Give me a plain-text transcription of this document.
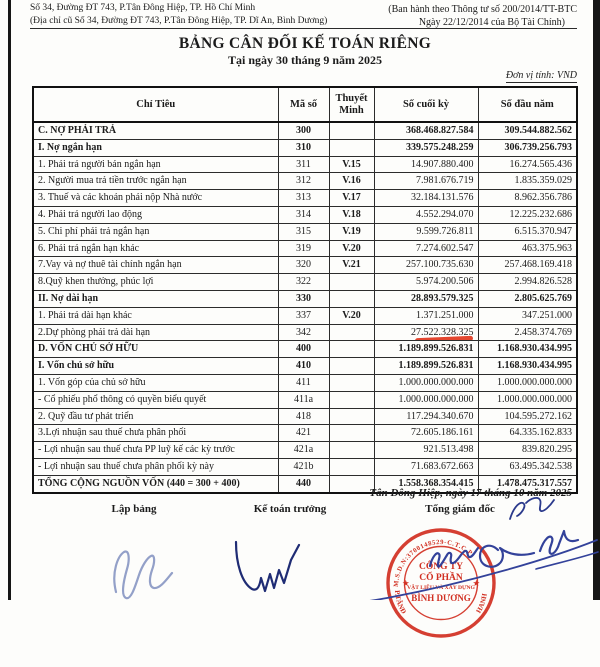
Số 34, Đường ĐT 743, P.Tân Đông Hiệp, TP. Hồ Chí Minh
(Địa chỉ cũ Số 34, Đường ĐT 743, P.Tân Đông Hiệp, TP. Dĩ An, Bình Dương)
(Ban hành theo Thông tư số 200/2014/TT-BTC
Ngày 22/12/2014 của Bộ Tài Chính)
BẢNG CÂN ĐỐI KẾ TOÁN RIÊNG
Tại ngày 30 tháng 9 năm 2025
Đơn vị tính: VND
Chỉ Tiêu	Mã số	Thuyết Minh	Số cuối kỳ	Số đầu năm
C. NỢ PHẢI TRẢ	300		368.468.827.584	309.544.882.562
I. Nợ ngắn hạn	310		339.575.248.259	306.739.256.793
1. Phải trả người bán ngắn hạn	311	V.15	14.907.880.400	16.274.565.436
2. Người mua trả tiền trước ngắn hạn	312	V.16	7.981.676.719	1.835.359.029
3. Thuế và các khoản phải nộp Nhà nước	313	V.17	32.184.131.576	8.962.356.786
4. Phải trả người lao động	314	V.18	4.552.294.070	12.225.232.686
5. Chi phí phải trả ngắn hạn	315	V.19	9.599.726.811	6.515.370.947
6. Phải trả ngắn hạn khác	319	V.20	7.274.602.547	463.375.963
7.Vay và nợ thuê tài chính ngắn hạn	320	V.21	257.100.735.630	257.468.169.418
8.Quỹ khen thưởng, phúc lợi	322		5.974.200.506	2.994.826.528
II. Nợ dài hạn	330		28.893.579.325	2.805.625.769
1. Phải trả dài hạn khác	337	V.20	1.371.251.000	347.251.000
2.Dự phòng phải trả dài hạn	342		27.522.328.325	2.458.374.769
D. VỐN CHỦ SỞ HỮU	400		1.189.899.526.831	1.168.930.434.995
I. Vốn chủ sở hữu	410		1.189.899.526.831	1.168.930.434.995
1. Vốn góp của chủ sở hữu	411		1.000.000.000.000	1.000.000.000.000
- Cổ phiếu phổ thông có quyền biểu quyết	411a		1.000.000.000.000	1.000.000.000.000
2. Quỹ đầu tư phát triển	418		117.294.340.670	104.595.272.162
3.Lợi nhuận sau thuế chưa phân phối	421		72.605.186.161	64.335.162.833
- Lợi nhuận sau thuế chưa PP luỹ kế các kỳ trước	421a		921.513.498	839.820.295
- Lợi nhuận sau thuế chưa phân phối kỳ này	421b		71.683.672.663	63.495.342.538
TỔNG CỘNG NGUỒN VỐN (440 = 300 + 400)	440		1.558.368.354.415	1.478.475.317.557
Tân Đông Hiệp, ngày 17 tháng 10 năm 2025
Lập bảng	Kế toán trưởng	Tổng giám đốc
M.S.D.N:3700148529-C.T.C.P
P.TÂNĐ	HANH
★	★
CÔNG TY
CỔ PHẦN
VẬT LIỆU VÀ XÂY DỰNG
BÌNH DƯƠNG
